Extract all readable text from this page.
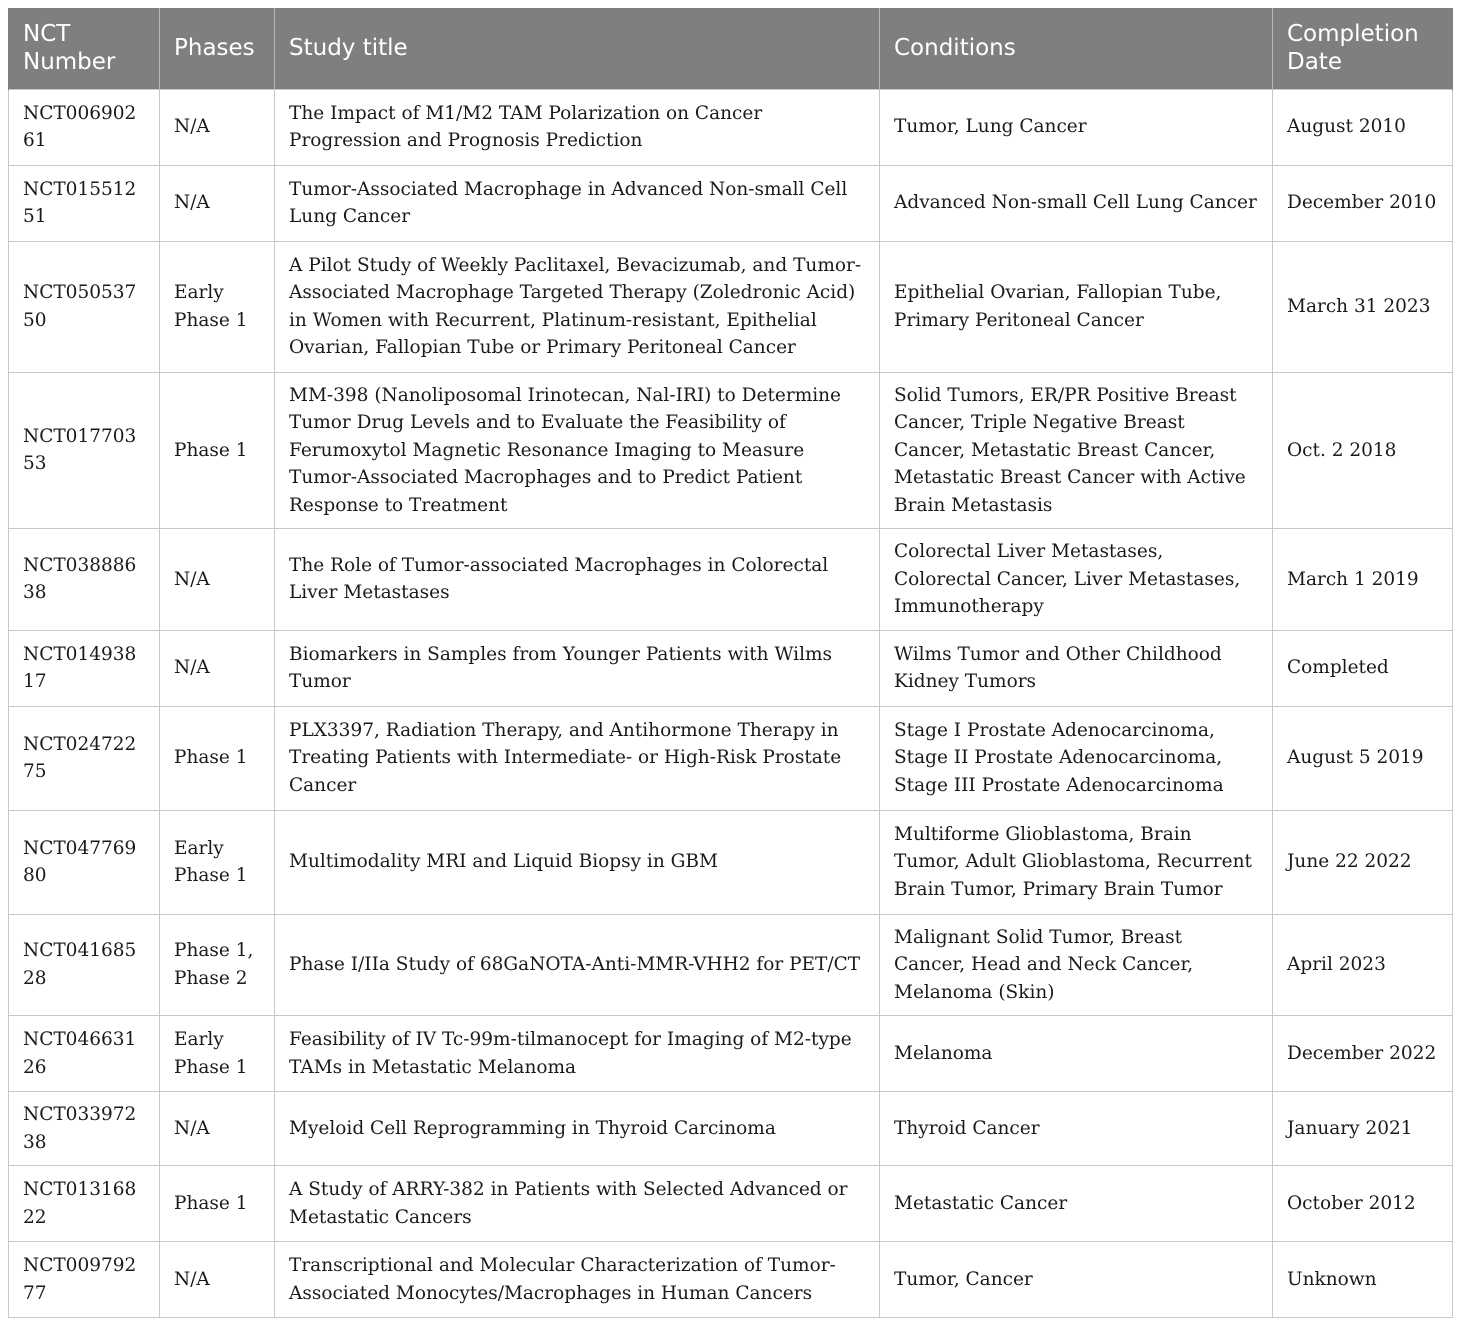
NCT Number	Phases	Study title	Conditions	Completion Date
NCT00690261	N/A	The Impact of M1/M2 TAM Polarization on Cancer Progression and Prognosis Prediction	Tumor, Lung Cancer	August 2010
NCT01551251	N/A	Tumor-Associated Macrophage in Advanced Non-small Cell Lung Cancer	Advanced Non-small Cell Lung Cancer	December 2010
NCT05053750	Early Phase 1	A Pilot Study of Weekly Paclitaxel, Bevacizumab, and Tumor-Associated Macrophage Targeted Therapy (Zoledronic Acid) in Women with Recurrent, Platinum-resistant, Epithelial Ovarian, Fallopian Tube or Primary Peritoneal Cancer	Epithelial Ovarian, Fallopian Tube, Primary Peritoneal Cancer	March 31 2023
NCT01770353	Phase 1	MM-398 (Nanoliposomal Irinotecan, Nal-IRI) to Determine Tumor Drug Levels and to Evaluate the Feasibility of Ferumoxytol Magnetic Resonance Imaging to Measure Tumor-Associated Macrophages and to Predict Patient Response to Treatment	Solid Tumors, ER/PR Positive Breast Cancer, Triple Negative Breast Cancer, Metastatic Breast Cancer, Metastatic Breast Cancer with Active Brain Metastasis	Oct. 2 2018
NCT03888638	N/A	The Role of Tumor-associated Macrophages in Colorectal Liver Metastases	Colorectal Liver Metastases, Colorectal Cancer, Liver Metastases, Immunotherapy	March 1 2019
NCT01493817	N/A	Biomarkers in Samples from Younger Patients with Wilms Tumor	Wilms Tumor and Other Childhood Kidney Tumors	Completed
NCT02472275	Phase 1	PLX3397, Radiation Therapy, and Antihormone Therapy in Treating Patients with Intermediate- or High-Risk Prostate Cancer	Stage I Prostate Adenocarcinoma, Stage II Prostate Adenocarcinoma, Stage III Prostate Adenocarcinoma	August 5 2019
NCT04776980	Early Phase 1	Multimodality MRI and Liquid Biopsy in GBM	Multiforme Glioblastoma, Brain Tumor, Adult Glioblastoma, Recurrent Brain Tumor, Primary Brain Tumor	June 22 2022
NCT04168528	Phase 1, Phase 2	Phase I/IIa Study of 68GaNOTA-Anti-MMR-VHH2 for PET/CT	Malignant Solid Tumor, Breast Cancer, Head and Neck Cancer, Melanoma (Skin)	April 2023
NCT04663126	Early Phase 1	Feasibility of IV Tc-99m-tilmanocept for Imaging of M2-type TAMs in Metastatic Melanoma	Melanoma	December 2022
NCT03397238	N/A	Myeloid Cell Reprogramming in Thyroid Carcinoma	Thyroid Cancer	January 2021
NCT01316822	Phase 1	A Study of ARRY-382 in Patients with Selected Advanced or Metastatic Cancers	Metastatic Cancer	October 2012
NCT00979277	N/A	Transcriptional and Molecular Characterization of Tumor-Associated Monocytes/Macrophages in Human Cancers	Tumor, Cancer	Unknown
